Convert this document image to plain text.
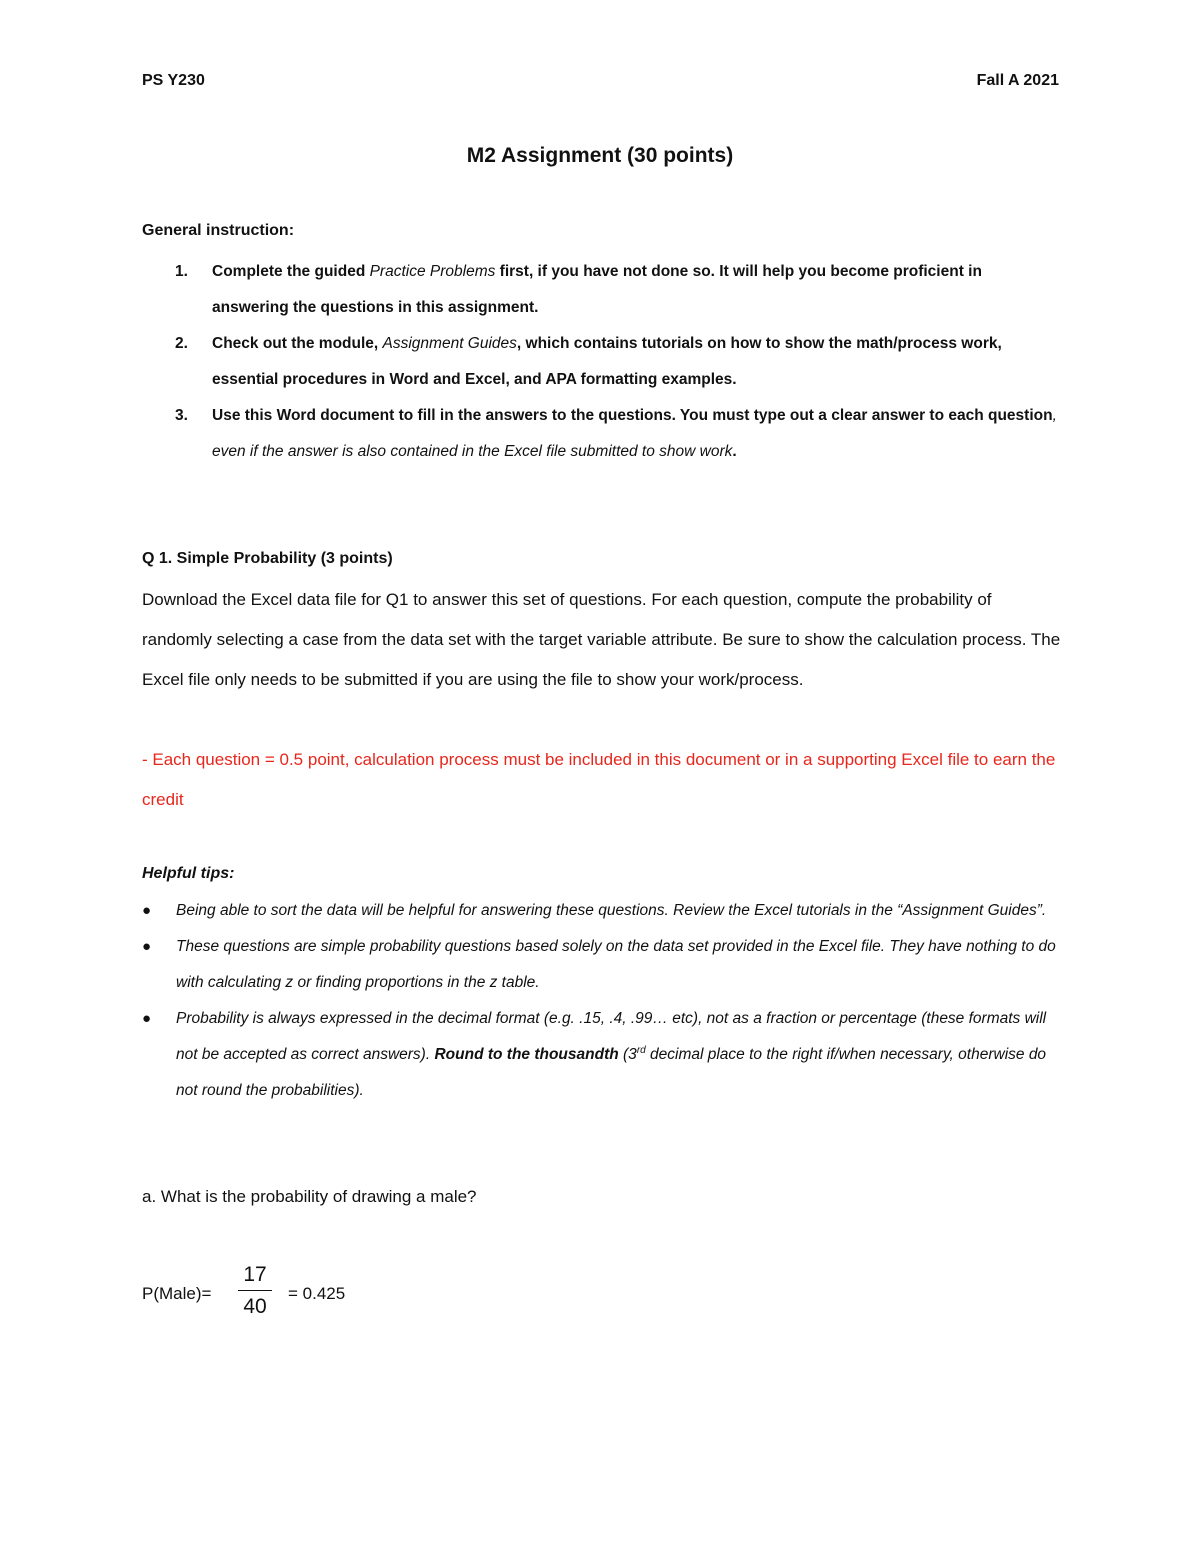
PS Y230	Fall A 2021
M2 Assignment (30 points)
General instruction:

1. Complete the guided Practice Problems first, if you have not done so. It will help you become proficient in answering the questions in this assignment.

2. Check out the module, Assignment Guides, which contains tutorials on how to show the math/process work, essential procedures in Word and Excel, and APA formatting examples.

3. Use this Word document to fill in the answers to the questions. You must type out a clear answer to each question, even if the answer is also contained in the Excel file submitted to show work.

Q 1. Simple Probability (3 points)
Download the Excel data file for Q1 to answer this set of questions. For each question, compute the probability of randomly selecting a case from the data set with the target variable attribute. Be sure to show the calculation process. The Excel file only needs to be submitted if you are using the file to show your work/process.
- Each question = 0.5 point, calculation process must be included in this document or in a supporting Excel file to earn the credit
Helpful tips:

● Being able to sort the data will be helpful for answering these questions. Review the Excel tutorials in the “Assignment Guides”.

● These questions are simple probability questions based solely on the data set provided in the Excel file. They have nothing to do with calculating z or finding proportions in the z table.

● Probability is always expressed in the decimal format (e.g. .15, .4, .99… etc), not as a fraction or percentage (these formats will not be accepted as correct answers). Round to the thousandth (3rd decimal place to the right if/when necessary, otherwise do not round the probabilities).

a. What is the probability of drawing a male?
P(Male)=
17
40
= 0.425
